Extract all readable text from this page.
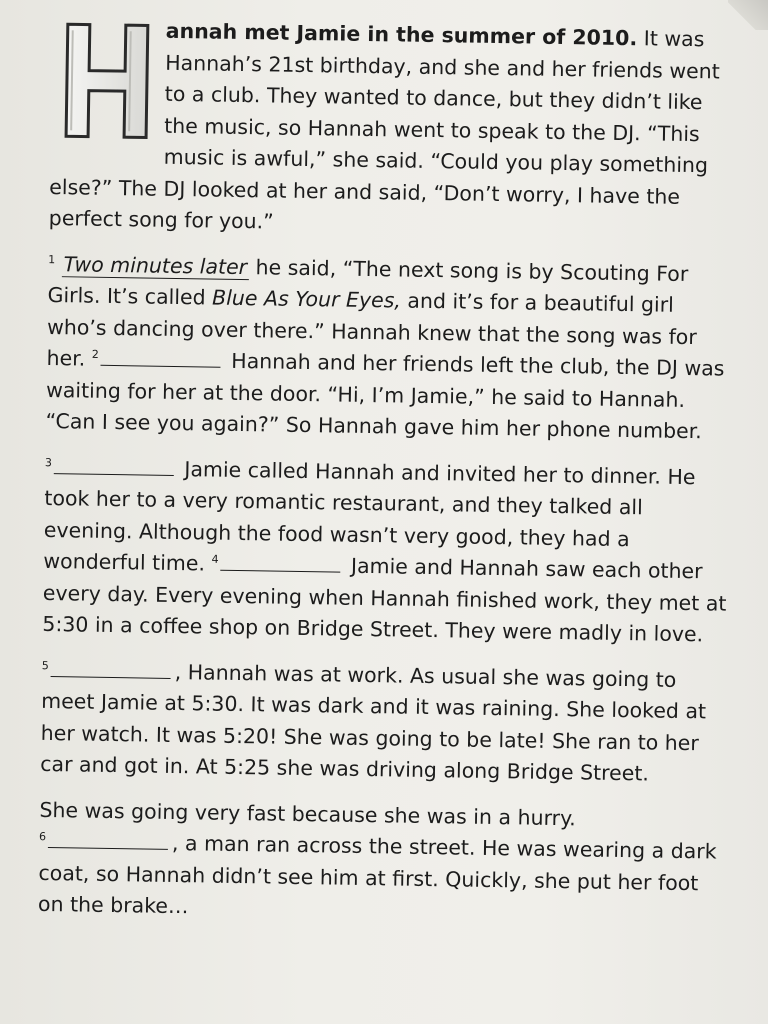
annah met Jamie in the summer of 2010. It was Hannah’s 21st birthday, and she and her friends went to a club. They wanted to dance, but they didn’t like the music, so Hannah went to speak to the DJ. “This music is awful,” she said. “Could you play something else?” The DJ looked at her and said, “Don’t worry, I have the perfect song for you.”

$^1$ Two minutes later he said, “The next song is by Scouting For Girls. It’s called Blue As Your Eyes, and it’s for a beautiful girl who’s dancing over there.” Hannah knew that the song was for her. $^2$	Hannah and her friends left the club, the DJ was waiting for her at the door. “Hi, I’m Jamie,” he said to Hannah. “Can I see you again?” So Hannah gave him her phone number.

$^3$	Jamie called Hannah and invited her to dinner. He took her to a very romantic restaurant, and they talked all evening. Although the food wasn’t very good, they had a wonderful time. $^4$	Jamie and Hannah saw each other every day. Every evening when Hannah finished work, they met at 5:30 in a coffee shop on Bridge Street. They were madly in love.

$^5$	, Hannah was at work. As usual she was going to meet Jamie at 5:30. It was dark and it was raining. She looked at her watch. It was 5:20! She was going to be late! She ran to her car and got in. At 5:25 she was driving along Bridge Street.

She was going very fast because she was in a hurry.
$^6$	, a man ran across the street. He was wearing a dark coat, so Hannah didn’t see him at first. Quickly, she put her foot on the brake…
